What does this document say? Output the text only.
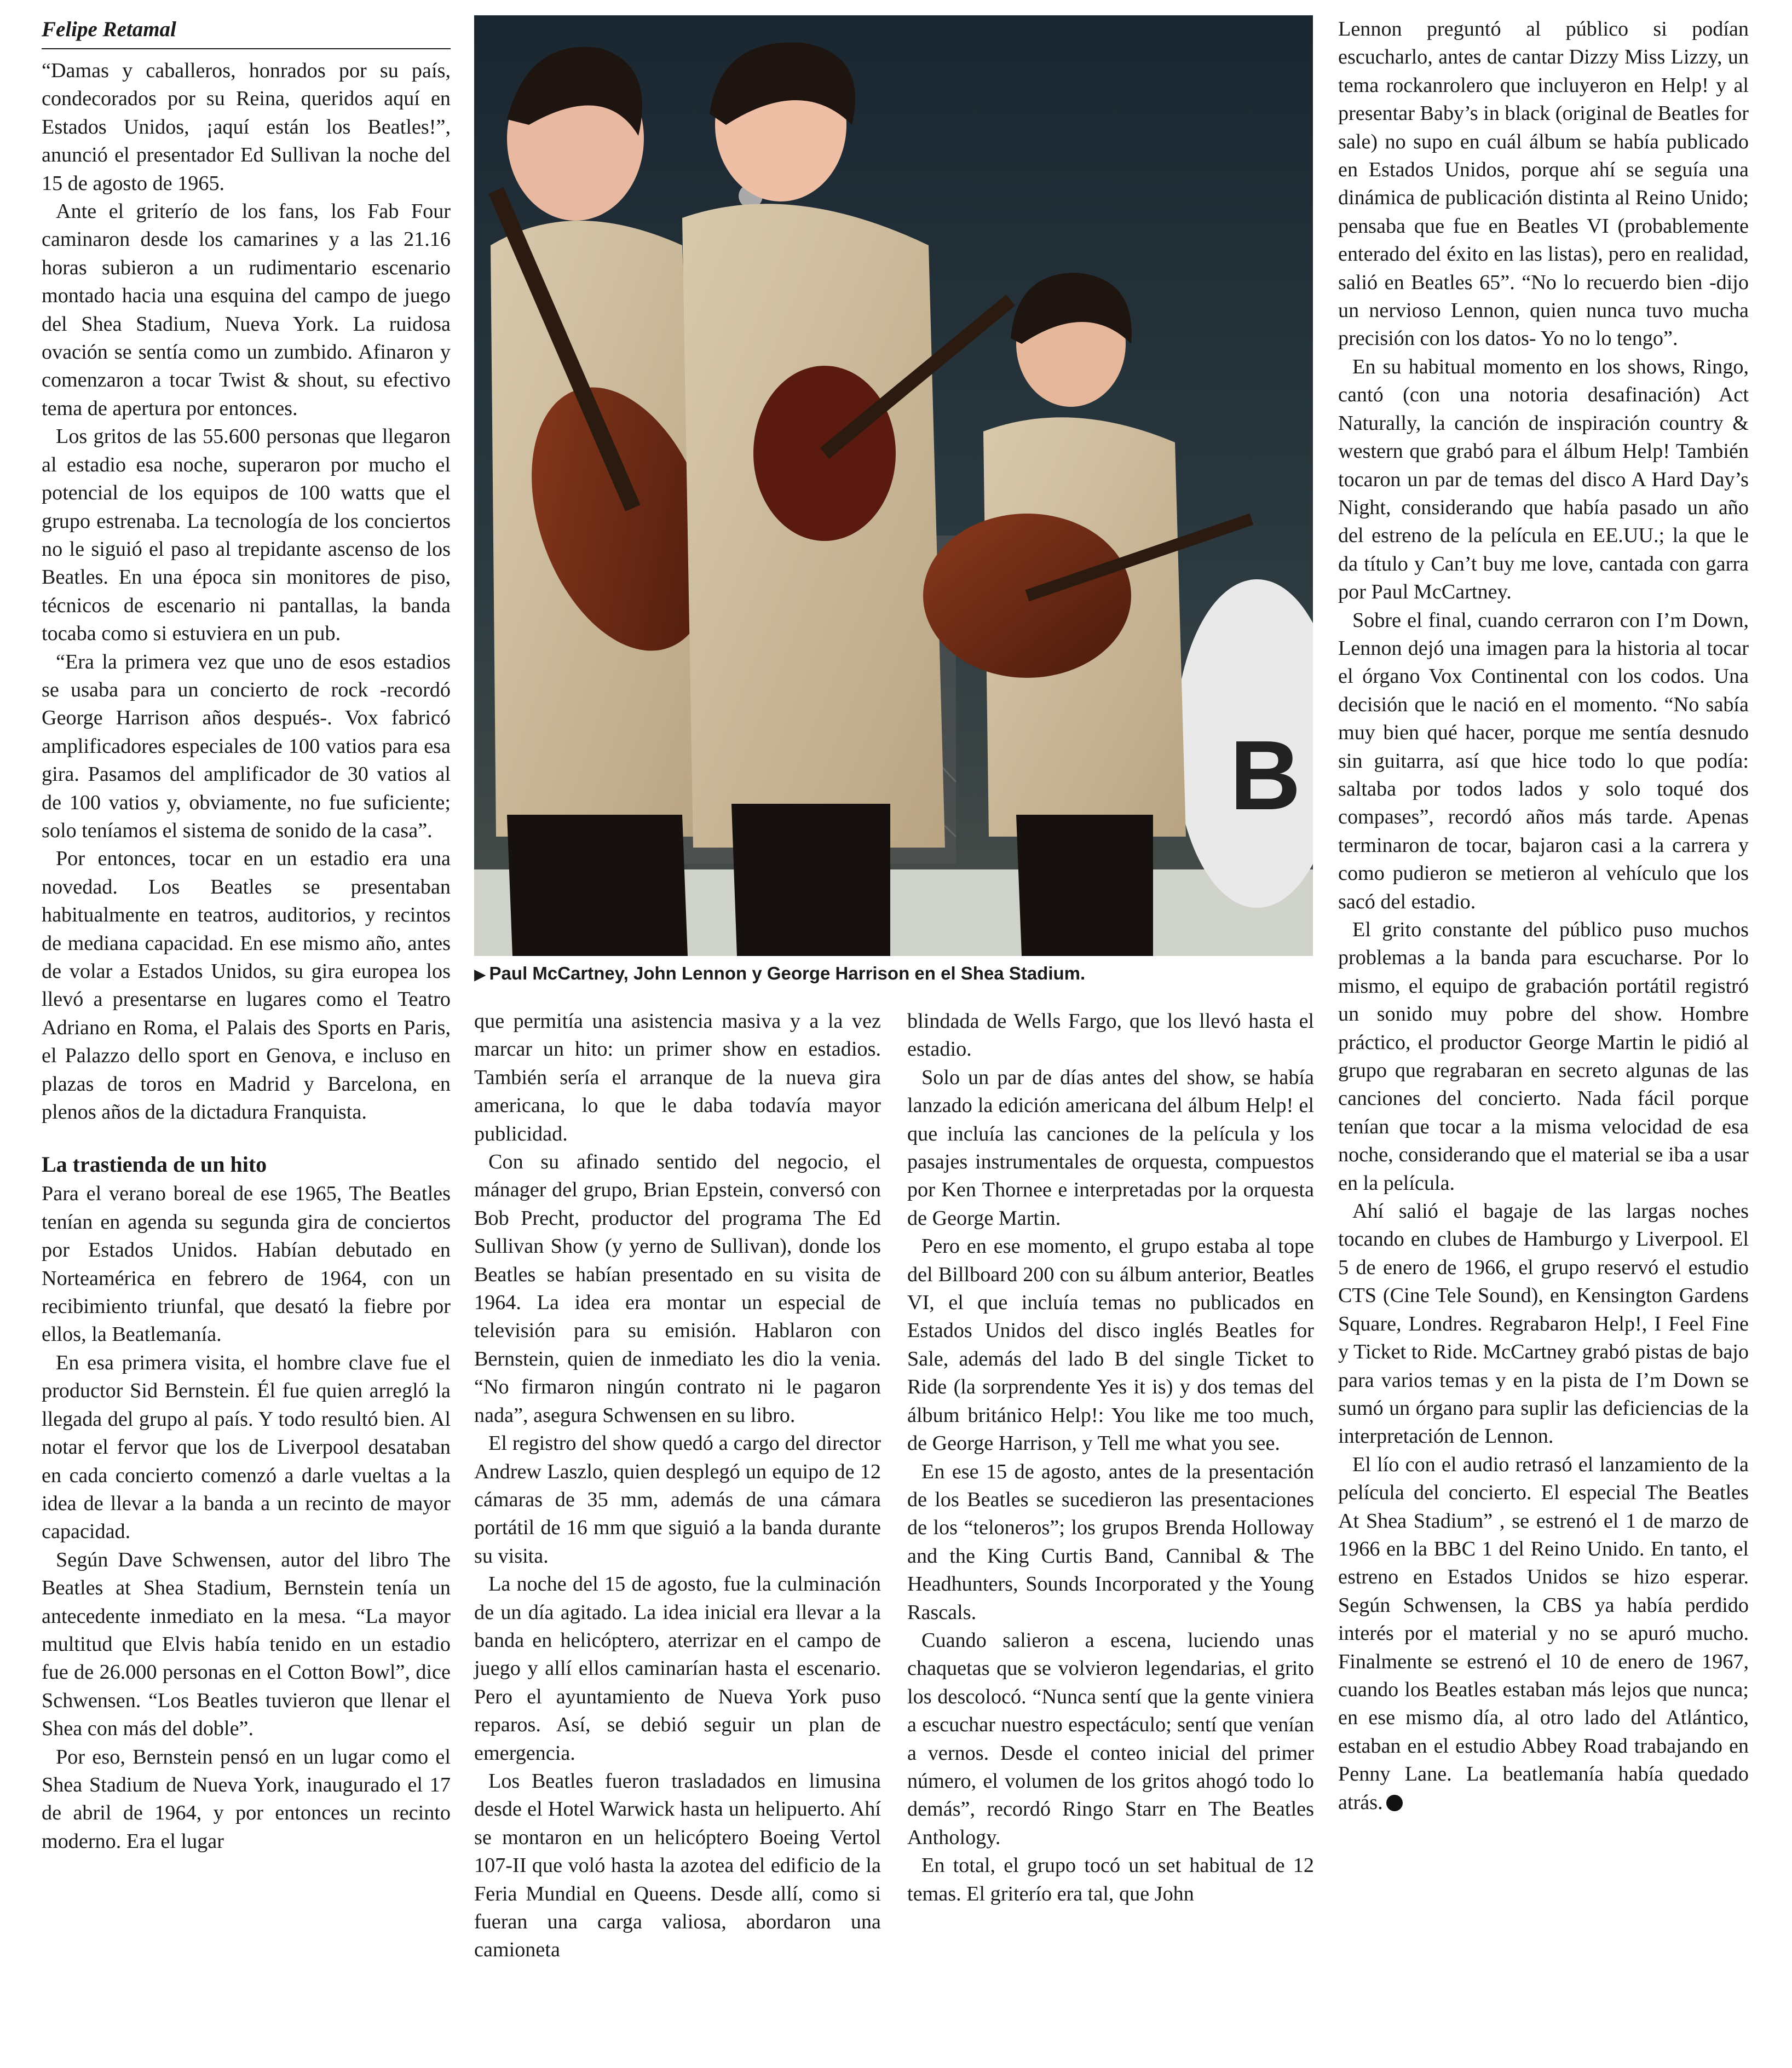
Felipe Retamal

“Damas y caballeros, honrados por su país, condecorados por su Reina, queridos aquí en Estados Unidos, ¡aquí están los Beatles!”, anunció el presentador Ed Sullivan la noche del 15 de agosto de 1965.

Ante el griterío de los fans, los Fab Four caminaron desde los camarines y a las 21.16 horas subieron a un rudimentario escenario montado hacia una esquina del campo de juego del Shea Stadium, Nueva York. La ruidosa ovación se sentía como un zumbido. Afinaron y comenzaron a tocar Twist & shout, su efectivo tema de apertura por entonces.

Los gritos de las 55.600 personas que llegaron al estadio esa noche, superaron por mucho el potencial de los equipos de 100 watts que el grupo estrenaba. La tecnología de los conciertos no le siguió el paso al trepidante ascenso de los Beatles. En una época sin monitores de piso, técnicos de escenario ni pantallas, la banda tocaba como si estuviera en un pub.

“Era la primera vez que uno de esos estadios se usaba para un concierto de rock -recordó George Harrison años después-. Vox fabricó amplificadores especiales de 100 vatios para esa gira. Pasamos del amplificador de 30 vatios al de 100 vatios y, obviamente, no fue suficiente; solo teníamos el sistema de sonido de la casa”.

Por entonces, tocar en un estadio era una novedad. Los Beatles se presentaban habitualmente en teatros, auditorios, y recintos de mediana capacidad. En ese mismo año, antes de volar a Estados Unidos, su gira europea los llevó a presentarse en lugares como el Teatro Adriano en Roma, el Palais des Sports en Paris, el Palazzo dello sport en Genova, e incluso en plazas de toros en Madrid y Barcelona, en plenos años de la dictadura Franquista.

La trastienda de un hito

Para el verano boreal de ese 1965, The Beatles tenían en agenda su segunda gira de conciertos por Estados Unidos. Habían debutado en Norteamérica en febrero de 1964, con un recibimiento triunfal, que desató la fiebre por ellos, la Beatlemanía.

En esa primera visita, el hombre clave fue el productor Sid Bernstein. Él fue quien arregló la llegada del grupo al país. Y todo resultó bien. Al notar el fervor que los de Liverpool desataban en cada concierto comenzó a darle vueltas a la idea de llevar a la banda a un recinto de mayor capacidad.

Según Dave Schwensen, autor del libro The Beatles at Shea Stadium, Bernstein tenía un antecedente inmediato en la mesa. “La mayor multitud que Elvis había tenido en un estadio fue de 26.000 personas en el Cotton Bowl”, dice Schwensen. “Los Beatles tuvieron que llenar el Shea con más del doble”.

Por eso, Bernstein pensó en un lugar como el Shea Stadium de Nueva York, inaugurado el 17 de abril de 1964, y por entonces un recinto moderno. Era el lugar

B
▶ Paul McCartney, John Lennon y George Harrison en el Shea Stadium.

que permitía una asistencia masiva y a la vez marcar un hito: un primer show en estadios. También sería el arranque de la nueva gira americana, lo que le daba todavía mayor publicidad.

Con su afinado sentido del negocio, el mánager del grupo, Brian Epstein, conversó con Bob Precht, productor del programa The Ed Sullivan Show (y yerno de Sullivan), donde los Beatles se habían presentado en su visita de 1964. La idea era montar un especial de televisión para su emisión. Hablaron con Bernstein, quien de inmediato les dio la venia. “No firmaron ningún contrato ni le pagaron nada”, asegura Schwensen en su libro.

El registro del show quedó a cargo del director Andrew Laszlo, quien desplegó un equipo de 12 cámaras de 35 mm, además de una cámara portátil de 16 mm que siguió a la banda durante su visita.

La noche del 15 de agosto, fue la culminación de un día agitado. La idea inicial era llevar a la banda en helicóptero, aterrizar en el campo de juego y allí ellos caminarían hasta el escenario. Pero el ayuntamiento de Nueva York puso reparos. Así, se debió seguir un plan de emergencia.

Los Beatles fueron trasladados en limusina desde el Hotel Warwick hasta un helipuerto. Ahí se montaron en un helicóptero Boeing Vertol 107-II que voló hasta la azotea del edificio de la Feria Mundial en Queens. Desde allí, como si fueran una carga valiosa, abordaron una camioneta

blindada de Wells Fargo, que los llevó hasta el estadio.

Solo un par de días antes del show, se había lanzado la edición americana del álbum Help! el que incluía las canciones de la película y los pasajes instrumentales de orquesta, compuestos por Ken Thornee e interpretadas por la orquesta de George Martin.

Pero en ese momento, el grupo estaba al tope del Billboard 200 con su álbum anterior, Beatles VI, el que incluía temas no publicados en Estados Unidos del disco inglés Beatles for Sale, además del lado B del single Ticket to Ride (la sorprendente Yes it is) y dos temas del álbum británico Help!: You like me too much, de George Harrison, y Tell me what you see.

En ese 15 de agosto, antes de la presentación de los Beatles se sucedieron las presentaciones de los “teloneros”; los grupos Brenda Holloway and the King Curtis Band, Cannibal & The Headhunters, Sounds Incorporated y the Young Rascals.

Cuando salieron a escena, luciendo unas chaquetas que se volvieron legendarias, el grito los descolocó. “Nunca sentí que la gente viniera a escuchar nuestro espectáculo; sentí que venían a vernos. Desde el conteo inicial del primer número, el volumen de los gritos ahogó todo lo demás”, recordó Ringo Starr en The Beatles Anthology.

En total, el grupo tocó un set habitual de 12 temas. El griterío era tal, que John

Lennon preguntó al público si podían escucharlo, antes de cantar Dizzy Miss Lizzy, un tema rockanrolero que incluyeron en Help! y al presentar Baby’s in black (original de Beatles for sale) no supo en cuál álbum se había publicado en Estados Unidos, porque ahí se seguía una dinámica de publicación distinta al Reino Unido; pensaba que fue en Beatles VI (probablemente enterado del éxito en las listas), pero en realidad, salió en Beatles 65”. “No lo recuerdo bien -dijo un nervioso Lennon, quien nunca tuvo mucha precisión con los datos- Yo no lo tengo”.

En su habitual momento en los shows, Ringo, cantó (con una notoria desafinación) Act Naturally, la canción de inspiración country & western que grabó para el álbum Help! También tocaron un par de temas del disco A Hard Day’s Night, considerando que había pasado un año del estreno de la película en EE.UU.; la que le da título y Can’t buy me love, cantada con garra por Paul McCartney.

Sobre el final, cuando cerraron con I’m Down, Lennon dejó una imagen para la historia al tocar el órgano Vox Continental con los codos. Una decisión que le nació en el momento. “No sabía muy bien qué hacer, porque me sentía desnudo sin guitarra, así que hice todo lo que podía: saltaba por todos lados y solo toqué dos compases”, recordó años más tarde. Apenas terminaron de tocar, bajaron casi a la carrera y como pudieron se metieron al vehículo que los sacó del estadio.

El grito constante del público puso muchos problemas a la banda para escucharse. Por lo mismo, el equipo de grabación portátil registró un sonido muy pobre del show. Hombre práctico, el productor George Martin le pidió al grupo que regrabaran en secreto algunas de las canciones del concierto. Nada fácil porque tenían que tocar a la misma velocidad de esa noche, considerando que el material se iba a usar en la película.

Ahí salió el bagaje de las largas noches tocando en clubes de Hamburgo y Liverpool. El 5 de enero de 1966, el grupo reservó el estudio CTS (Cine Tele Sound), en Kensington Gardens Square, Londres. Regrabaron Help!, I Feel Fine y Ticket to Ride. McCartney grabó pistas de bajo para varios temas y en la pista de I’m Down se sumó un órgano para suplir las deficiencias de la interpretación de Lennon.

El lío con el audio retrasó el lanzamiento de la película del concierto. El especial The Beatles At Shea Stadium” , se estrenó el 1 de marzo de 1966 en la BBC 1 del Reino Unido. En tanto, el estreno en Estados Unidos se hizo esperar. Según Schwensen, la CBS ya había perdido interés por el material y no se apuró mucho. Finalmente se estrenó el 10 de enero de 1967, cuando los Beatles estaban más lejos que nunca; en ese mismo día, al otro lado del Atlántico, estaban en el estudio Abbey Road trabajando en Penny Lane. La beatlemanía había quedado atrás.
